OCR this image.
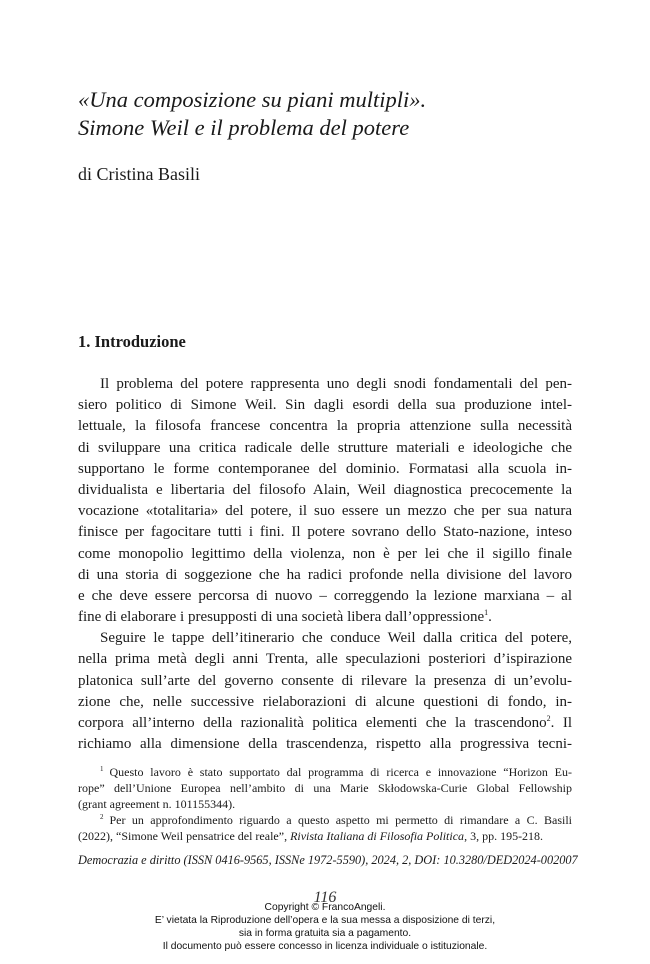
«Una composizione su piani multipli».
Simone Weil e il problema del potere
di Cristina Basili
1. Introduzione
Il problema del potere rappresenta uno degli snodi fondamentali del pen-
siero politico di Simone Weil. Sin dagli esordi della sua produzione intel-
lettuale, la filosofa francese concentra la propria attenzione sulla necessità
di sviluppare una critica radicale delle strutture materiali e ideologiche che
supportano le forme contemporanee del dominio. Formatasi alla scuola in-
dividualista e libertaria del filosofo Alain, Weil diagnostica precocemente la
vocazione «totalitaria» del potere, il suo essere un mezzo che per sua natura
finisce per fagocitare tutti i fini. Il potere sovrano dello Stato-nazione, inteso
come monopolio legittimo della violenza, non è per lei che il sigillo finale
di una storia di soggezione che ha radici profonde nella divisione del lavoro
e che deve essere percorsa di nuovo – correggendo la lezione marxiana – al
fine di elaborare i presupposti di una società libera dall’oppressione$^1$.
Seguire le tappe dell’itinerario che conduce Weil dalla critica del potere,
nella prima metà degli anni Trenta, alle speculazioni posteriori d’ispirazione
platonica sull’arte del governo consente di rilevare la presenza di un’evolu-
zione che, nelle successive rielaborazioni di alcune questioni di fondo, in-
corpora all’interno della razionalità politica elementi che la trascendono$^2$. Il
richiamo alla dimensione della trascendenza, rispetto alla progressiva tecni-
$^1$ Questo lavoro è stato supportato dal programma di ricerca e innovazione “Horizon Eu-
rope” dell’Unione Europea nell’ambito di una Marie Skłodowska-Curie Global Fellowship
(grant agreement n. 101155344).
$^2$ Per un approfondimento riguardo a questo aspetto mi permetto di rimandare a C. Basili
(2022), “Simone Weil pensatrice del reale”, Rivista Italiana di Filosofia Politica, 3, pp. 195-218.
Democrazia e diritto (ISSN 0416-9565, ISSNe 1972-5590), 2024, 2, DOI: 10.3280/DED2024-002007
116
Copyright © FrancoAngeli.
E’ vietata la Riproduzione dell’opera e la sua messa a disposizione di terzi,
sia in forma gratuita sia a pagamento.
Il documento può essere concesso in licenza individuale o istituzionale.
